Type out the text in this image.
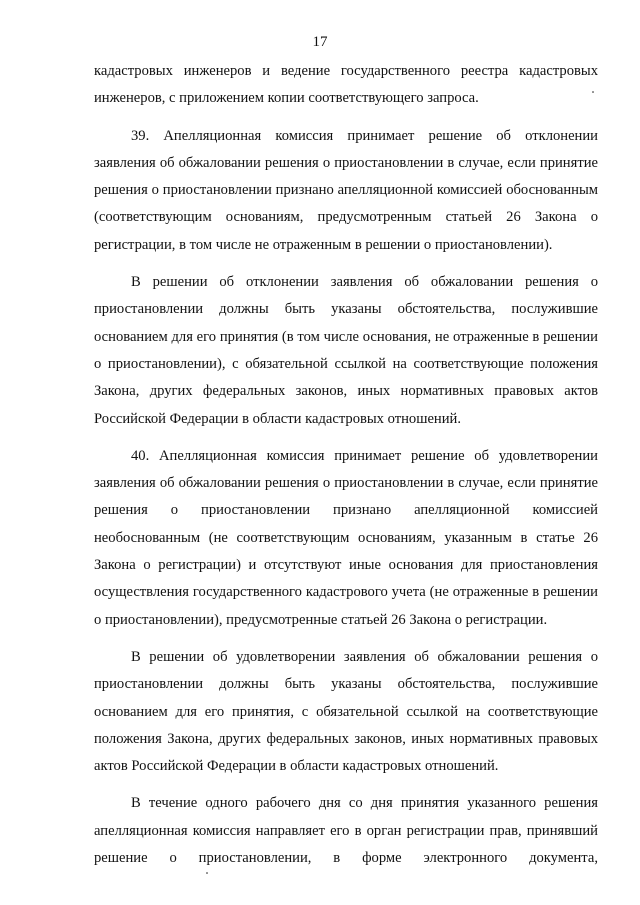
17

кадастровых инженеров и ведение государственного реестра кадастровых инженеров, с приложением копии соответствующего запроса.

39. Апелляционная комиссия принимает решение об отклонении заявления об обжаловании решения о приостановлении в случае, если принятие решения о приостановлении признано апелляционной комиссией обоснованным (соответствующим основаниям, предусмотренным статьей 26 Закона о регистрации, в том числе не отраженным в решении о приостановлении).

В решении об отклонении заявления об обжаловании решения о приостановлении должны быть указаны обстоятельства, послужившие основанием для его принятия (в том числе основания, не отраженные в решении о приостановлении), с обязательной ссылкой на соответствующие положения Закона, других федеральных законов, иных нормативных правовых актов Российской Федерации в области кадастровых отношений.

40. Апелляционная комиссия принимает решение об удовлетворении заявления об обжаловании решения о приостановлении в случае, если принятие решения о приостановлении признано апелляционной комиссией необоснованным (не соответствующим основаниям, указанным в статье 26 Закона о регистрации) и отсутствуют иные основания для приостановления осуществления государственного кадастрового учета (не отраженные в решении о приостановлении), предусмотренные статьей 26 Закона о регистрации.

В решении об удовлетворении заявления об обжаловании решения о приостановлении должны быть указаны обстоятельства, послужившие основанием для его принятия, с обязательной ссылкой на соответствующие положения Закона, других федеральных законов, иных нормативных правовых актов Российской Федерации в области кадастровых отношений.

В течение одного рабочего дня со дня принятия указанного решения апелляционная комиссия направляет его в орган регистрации прав, принявший решение о приостановлении, в форме электронного документа,
